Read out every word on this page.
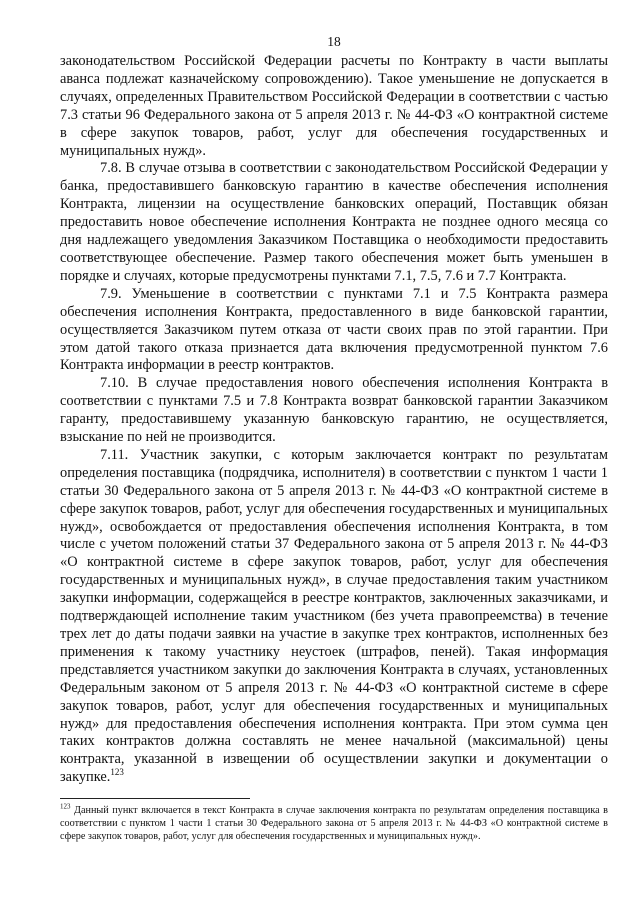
18

законодательством Российской Федерации расчеты по Контракту в части выплаты аванса подлежат казначейскому сопровождению). Такое уменьшение не допускается в случаях, определенных Правительством Российской Федерации в соответствии с частью 7.3 статьи 96 Федерального закона от 5 апреля 2013 г. № 44-ФЗ «О контрактной системе в сфере закупок товаров, работ, услуг для обеспечения государственных и муниципальных нужд».

7.8. В случае отзыва в соответствии с законодательством Российской Федерации у банка, предоставившего банковскую гарантию в качестве обеспечения исполнения Контракта, лицензии на осуществление банковских операций, Поставщик обязан предоставить новое обеспечение исполнения Контракта не позднее одного месяца со дня надлежащего уведомления Заказчиком Поставщика о необходимости предоставить соответствующее обеспечение. Размер такого обеспечения может быть уменьшен в порядке и случаях, которые предусмотрены пунктами 7.1, 7.5, 7.6 и 7.7 Контракта.

7.9. Уменьшение в соответствии с пунктами 7.1 и 7.5 Контракта размера обеспечения исполнения Контракта, предоставленного в виде банковской гарантии, осуществляется Заказчиком путем отказа от части своих прав по этой гарантии. При этом датой такого отказа признается дата включения предусмотренной пунктом 7.6 Контракта информации в реестр контрактов.

7.10. В случае предоставления нового обеспечения исполнения Контракта в соответствии с пунктами 7.5 и 7.8 Контракта возврат банковской гарантии Заказчиком гаранту, предоставившему указанную банковскую гарантию, не осуществляется, взыскание по ней не производится.

7.11. Участник закупки, с которым заключается контракт по результатам определения поставщика (подрядчика, исполнителя) в соответствии с пунктом 1 части 1 статьи 30 Федерального закона от 5 апреля 2013 г. № 44-ФЗ «О контрактной системе в сфере закупок товаров, работ, услуг для обеспечения государственных и муниципальных нужд», освобождается от предоставления обеспечения исполнения Контракта, в том числе с учетом положений статьи 37 Федерального закона от 5 апреля 2013 г. № 44-ФЗ «О контрактной системе в сфере закупок товаров, работ, услуг для обеспечения государственных и муниципальных нужд», в случае предоставления таким участником закупки информации, содержащейся в реестре контрактов, заключенных заказчиками, и подтверждающей исполнение таким участником (без учета правопреемства) в течение трех лет до даты подачи заявки на участие в закупке трех контрактов, исполненных без применения к такому участнику неустоек (штрафов, пеней). Такая информация представляется участником закупки до заключения Контракта в случаях, установленных Федеральным законом от 5 апреля 2013 г. № 44-ФЗ «О контрактной системе в сфере закупок товаров, работ, услуг для обеспечения государственных и муниципальных нужд» для предоставления обеспечения исполнения контракта. При этом сумма цен таких контрактов должна составлять не менее начальной (максимальной) цены контракта, указанной в извещении об осуществлении закупки и документации о закупке.$^{123}$

$^{123}$ Данный пункт включается в текст Контракта в случае заключения контракта по результатам определения поставщика в соответствии с пунктом 1 части 1 статьи 30 Федерального закона от 5 апреля 2013 г. № 44-ФЗ «О контрактной системе в сфере закупок товаров, работ, услуг для обеспечения государственных и муниципальных нужд».
